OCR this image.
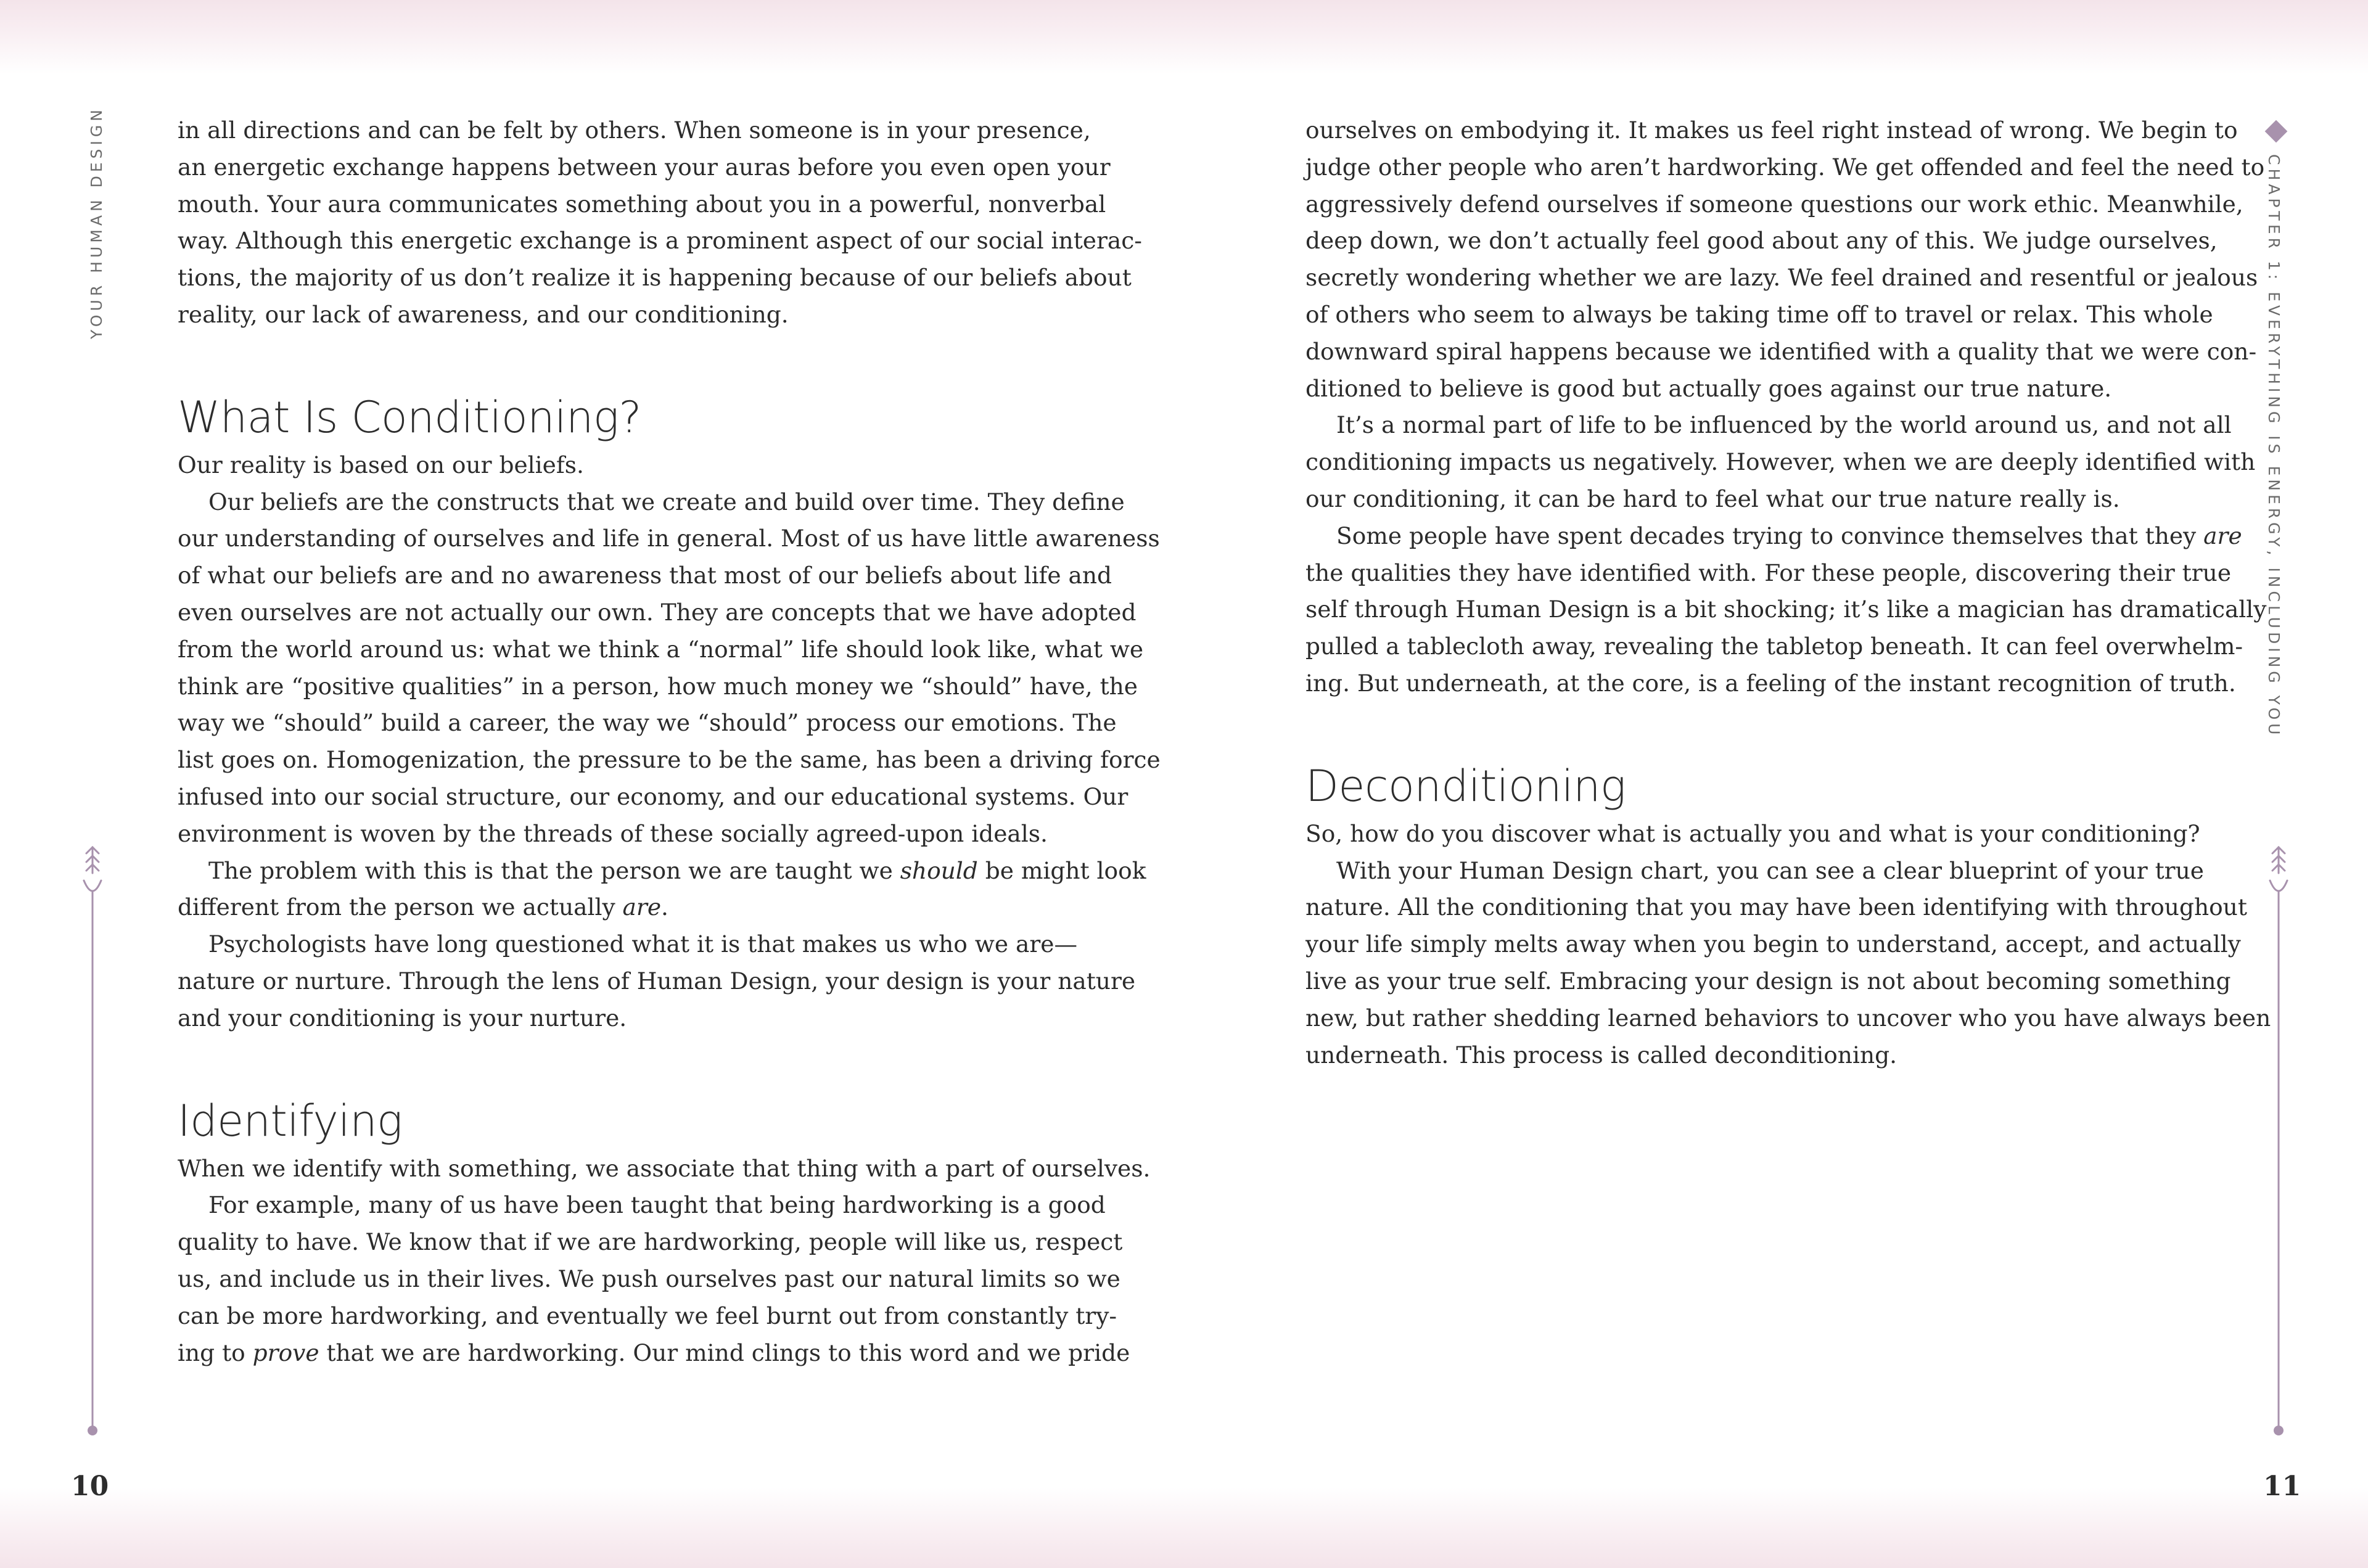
YOUR HUMAN DESIGN
10
CHAPTER 1: EVERYTHING IS ENERGY, INCLUDING YOU
11
in all directions and can be felt by others. When someone is in your presence,
an energetic exchange happens between your auras before you even open your
mouth. Your aura communicates something about you in a powerful, nonverbal
way. Although this energetic exchange is a prominent aspect of our social interac-
tions, the majority of us don’t realize it is happening because of our beliefs about
reality, our lack of awareness, and our conditioning.
What Is Conditioning?
Our reality is based on our beliefs.
Our beliefs are the constructs that we create and build over time. They define
our understanding of ourselves and life in general. Most of us have little awareness
of what our beliefs are and no awareness that most of our beliefs about life and
even ourselves are not actually our own. They are concepts that we have adopted
from the world around us: what we think a “normal” life should look like, what we
think are “positive qualities” in a person, how much money we “should” have, the
way we “should” build a career, the way we “should” process our emotions. The
list goes on. Homogenization, the pressure to be the same, has been a driving force
infused into our social structure, our economy, and our educational systems. Our
environment is woven by the threads of these socially agreed-upon ideals.
The problem with this is that the person we are taught we should be might look
different from the person we actually are.
Psychologists have long questioned what it is that makes us who we are—
nature or nurture. Through the lens of Human Design, your design is your nature
and your conditioning is your nurture.
Identifying
When we identify with something, we associate that thing with a part of ourselves.
For example, many of us have been taught that being hardworking is a good
quality to have. We know that if we are hardworking, people will like us, respect
us, and include us in their lives. We push ourselves past our natural limits so we
can be more hardworking, and eventually we feel burnt out from constantly try-
ing to prove that we are hardworking. Our mind clings to this word and we pride
ourselves on embodying it. It makes us feel right instead of wrong. We begin to
judge other people who aren’t hardworking. We get offended and feel the need to
aggressively defend ourselves if someone questions our work ethic. Meanwhile,
deep down, we don’t actually feel good about any of this. We judge ourselves,
secretly wondering whether we are lazy. We feel drained and resentful or jealous
of others who seem to always be taking time off to travel or relax. This whole
downward spiral happens because we identified with a quality that we were con-
ditioned to believe is good but actually goes against our true nature.
It’s a normal part of life to be influenced by the world around us, and not all
conditioning impacts us negatively. However, when we are deeply identified with
our conditioning, it can be hard to feel what our true nature really is.
Some people have spent decades trying to convince themselves that they are
the qualities they have identified with. For these people, discovering their true
self through Human Design is a bit shocking; it’s like a magician has dramatically
pulled a tablecloth away, revealing the tabletop beneath. It can feel overwhelm-
ing. But underneath, at the core, is a feeling of the instant recognition of truth.
Deconditioning
So, how do you discover what is actually you and what is your conditioning?
With your Human Design chart, you can see a clear blueprint of your true
nature. All the conditioning that you may have been identifying with throughout
your life simply melts away when you begin to understand, accept, and actually
live as your true self. Embracing your design is not about becoming something
new, but rather shedding learned behaviors to uncover who you have always been
underneath. This process is called deconditioning.
